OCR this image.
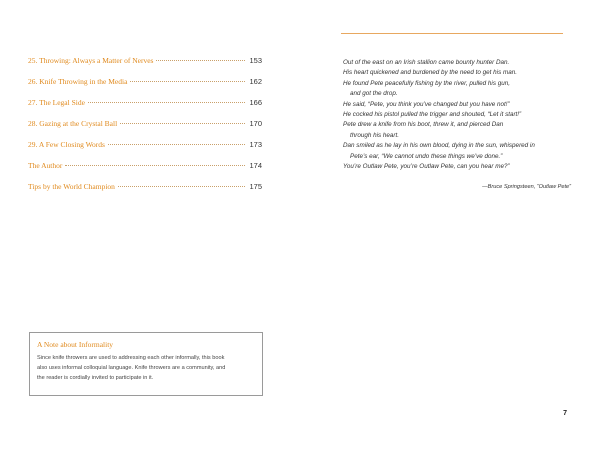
25. Throwing: Always a Matter of Nerves	153
26. Knife Throwing in the Media	162
27. The Legal Side	166
28. Gazing at the Crystal Ball	170
29. A Few Closing Words	173
The Author	174
Tips by the World Champion	175
A Note about Informality
Since knife throwers are used to addressing each other informally, this book
also uses informal colloquial language. Knife throwers are a community, and
the reader is cordially invited to participate in it.
Out of the east on an Irish stallion came bounty hunter Dan.
His heart quickened and burdened by the need to get his man.
He found Pete peacefully fishing by the river, pulled his gun,
and got the drop.
He said, “Pete, you think you’ve changed but you have not!”
He cocked his pistol pulled the trigger and shouted, “Let it start!”
Pete drew a knife from his boot, threw it, and pierced Dan
through his heart.
Dan smiled as he lay in his own blood, dying in the sun, whispered in
Pete’s ear, “We cannot undo these things we’ve done.”
You’re Outlaw Pete, you’re Outlaw Pete, can you hear me?”
—Bruce Springsteen, “Outlaw Pete”
7
